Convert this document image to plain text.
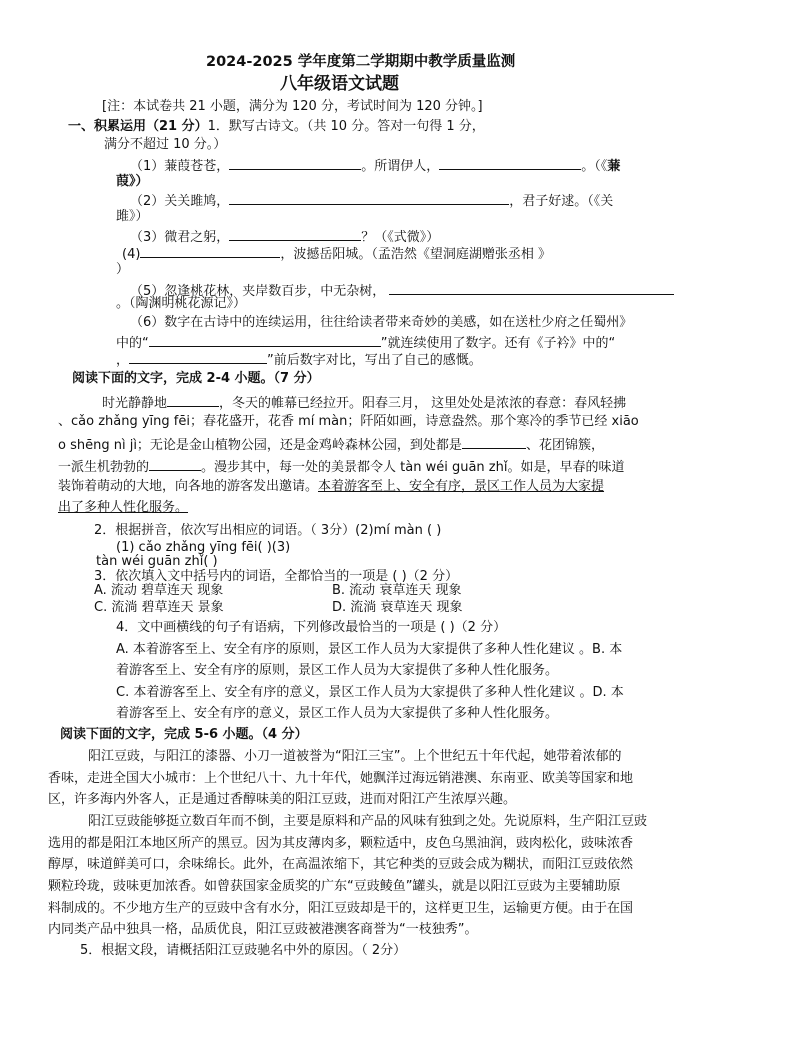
2024-2025 学年度第二学期期中教学质量监测
八年级语文试题
[注：本试卷共 21 小题，满分为 120 分，考试时间为 120 分钟。]
一、积累运用（21 分）1．默写古诗文。（共 10 分。答对一句得 1 分，
满分不超过 10 分。）
（1）蒹葭苍苍，	。所谓伊人，	。（《蒹
葭》）
（2）关关雎鸠，	，君子好逑。（《关
雎》）
（3）微君之躬，	？（《式微》）
(4)	，波撼岳阳城。（孟浩然《望洞庭湖赠张丞相 》
）
（5）忽逢桃花林，夹岸数百步，中无杂树，
。（陶渊明桃花源记》）
（6）数字在古诗中的连续运用，往往给读者带来奇妙的美感，如在送杜少府之任蜀州》
中的“	”就连续使用了数字。还有《子衿》中的“
，	”前后数字对比，写出了自己的感慨。
阅读下面的文字，完成 2-4 小题。（7 分）
时光静静地	，冬天的帷幕已经拉开。阳春三月， 这里处处是浓浓的春意：春风轻拂
、cǎo zhǎng yīng fēi；春花盛开，花香 mí màn；阡陌如画，诗意盎然。那个寒冷的季节已经 xiāo
o shēng nì jì；无论是金山植物公园，还是金鸡岭森林公园，到处都是	、花团锦簇，
一派生机勃勃的	。漫步其中，每一处的美景都令人 tàn wéi guān zhǐ。如是，早春的味道
装饰着萌动的大地，向各地的游客发出邀请。本着游客至上、安全有序，景区工作人员为大家提
出了多种人性化服务。
2．根据拼音，依次写出相应的词语。（ 3分）(2)mí màn ( )
(1) cǎo zhǎng yīng fēi( )(3)
tàn wéi guān zhǐ( )
3．依次填入文中括号内的词语，全都恰当的一项是 ( )（2 分）
A. 流动 碧草连天 现象	B. 流动 衰草连天 现象
C. 流淌 碧草连天 景象	D. 流淌 衰草连天 现象
4．文中画横线的句子有语病，下列修改最恰当的一项是 ( )（2 分）
A. 本着游客至上、安全有序的原则，景区工作人员为大家提供了多种人性化建议 。B. 本
着游客至上、安全有序的原则，景区工作人员为大家提供了多种人性化服务。
C. 本着游客至上、安全有序的意义，景区工作人员为大家提供了多种人性化建议 。D. 本
着游客至上、安全有序的意义，景区工作人员为大家提供了多种人性化服务。
阅读下面的文字，完成 5-6 小题。（4 分）
阳江豆豉，与阳江的漆器、小刀一道被誉为“阳江三宝”。上个世纪五十年代起，她带着浓郁的
香味，走进全国大小城市：上个世纪八十、九十年代，她飘洋过海远销港澳、东南亚、欧美等国家和地
区，许多海内外客人，正是通过香醇味美的阳江豆豉，进而对阳江产生浓厚兴趣。
阳江豆豉能够挺立数百年而不倒，主要是原料和产品的风味有独到之处。先说原料，生产阳江豆豉
选用的都是阳江本地区所产的黑豆。因为其皮薄肉多，颗粒适中，皮色乌黑油润，豉肉松化，豉味浓香
醇厚，味道鲜美可口，余味绵长。此外，在高温浓缩下，其它种类的豆豉会成为糊状，而阳江豆豉依然
颗粒玲珑，豉味更加浓香。如曾获国家金质奖的广东“豆豉鲮鱼”罐头，就是以阳江豆豉为主要辅助原
料制成的。不少地方生产的豆豉中含有水分，阳江豆豉却是干的，这样更卫生，运输更方便。由于在国
内同类产品中独具一格，品质优良，阳江豆豉被港澳客商誉为“一枝独秀”。
5．根据文段，请概括阳江豆豉驰名中外的原因。（ 2分）
